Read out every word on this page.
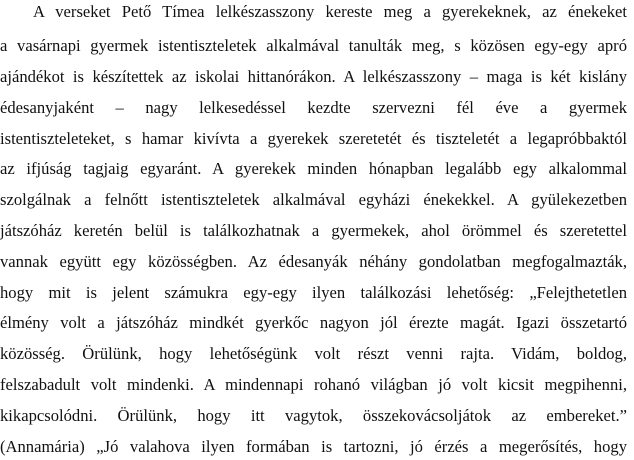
A verseket Pető Tímea lelkészasszony kereste meg a gyerekeknek, az énekeket

a vasárnapi gyermek istentiszteletek alkalmával tanulták meg, s közösen egy-egy apró

ajándékot is készítettek az iskolai hittanórákon. A lelkészasszony – maga is két kislány

édesanyjaként – nagy lelkesedéssel kezdte szervezni fél éve a gyermek

istentiszteleteket, s hamar kivívta a gyerekek szeretetét és tiszteletét a legapróbbaktól

az ifjúság tagjaig egyaránt. A gyerekek minden hónapban legalább egy alkalommal

szolgálnak a felnőtt istentiszteletek alkalmával egyházi énekekkel. A gyülekezetben

játszóház keretén belül is találkozhatnak a gyermekek, ahol örömmel és szeretettel

vannak együtt egy közösségben. Az édesanyák néhány gondolatban megfogalmazták,

hogy mit is jelent számukra egy-egy ilyen találkozási lehetőség: „Felejthetetlen

élmény volt a játszóház mindkét gyerkőc nagyon jól érezte magát. Igazi összetartó

közösség. Örülünk, hogy lehetőségünk volt részt venni rajta. Vidám, boldog,

felszabadult volt mindenki. A mindennapi rohanó világban jó volt kicsit megpihenni,

kikapcsolódni. Örülünk, hogy itt vagytok, összekovácsoljátok az embereket.”

(Annamária) „Jó valahova ilyen formában is tartozni, jó érzés a megerősítés, hogy
